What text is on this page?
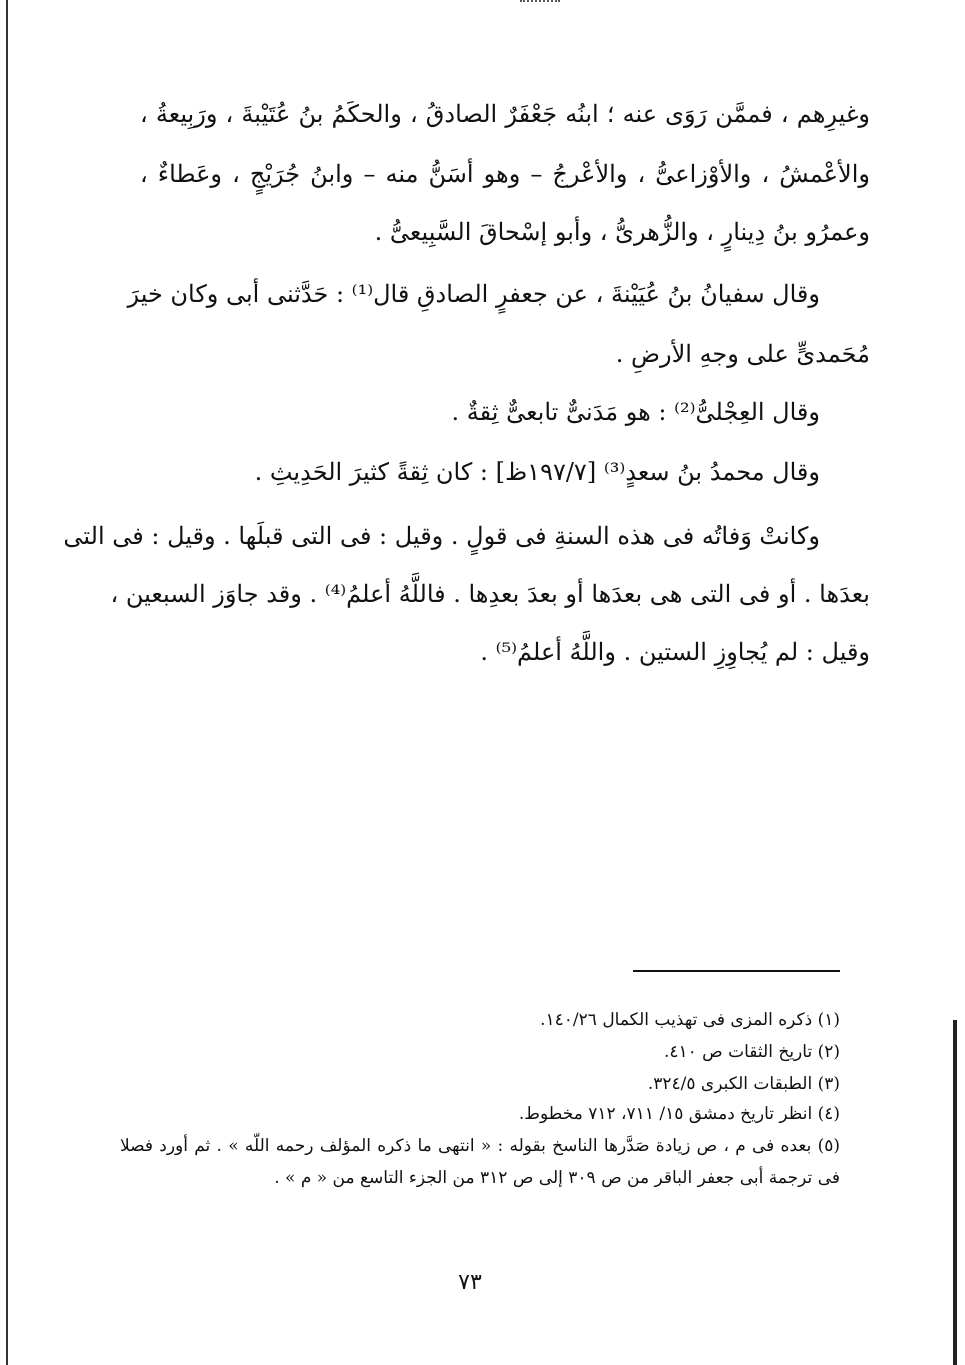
وغيرِهم ، فممَّن رَوَى عنه ؛ ابنُه جَعْفَرٌ الصادقُ ، والحكَمُ بنُ عُتَيْبةَ ، ورَبِيعةُ ،
والأعْمشُ ، والأوْزاعىُّ ، والأعْرجُ – وهو أسَنُّ منه – وابنُ جُرَيْجٍ ، وعَطاءٌ ،
وعمرُو بنُ دِينارٍ ، والزُّهرىُّ ، وأبو إسْحاقَ السَّبِيعىُّ .
وقال سفيانُ بنُ عُيَيْنةَ ، عن جعفرٍ الصادقِ قال⁽¹⁾ : حَدَّثنى أبى وكان خيرَ
مُحَمدىٍّ على وجهِ الأرضِ .
وقال العِجْلىُّ⁽²⁾ : هو مَدَنىٌّ تابعىٌّ ثِقةٌ .
وقال محمدُ بنُ سعدٍ⁽³⁾ [١٩٧/٧ظ] : كان ثِقةً كثيرَ الحَدِيثِ .
وكانتْ وَفاتُه فى هذه السنةِ فى قولٍ . وقيل : فى التى قبلَها . وقيل : فى التى
بعدَها . أو فى التى هى بعدَها أو بعدَ بعدِها . فاللَّهُ أعلمُ⁽⁴⁾ . وقد جاوَز السبعين ،
وقيل : لم يُجاوِزِ الستين . واللَّهُ أعلمُ⁽⁵⁾ .
(١) ذكره المزى فى تهذيب الكمال ١٤٠/٢٦.
(٢) تاريخ الثقات ص ٤١٠.
(٣) الطبقات الكبرى ٣٢٤/٥.
(٤) انظر تاريخ دمشق ١٥/ ٧١١، ٧١٢ مخطوط.
(٥) بعده فى م ، ص زيادة صَدَّرها الناسخ بقوله : « انتهى ما ذكره المؤلف رحمه اللّه » . ثم أورد فصلا
فى ترجمة أبى جعفر الباقر من ص ٣٠٩ إلى ص ٣١٢ من الجزء التاسع من « م » .
٧٣
